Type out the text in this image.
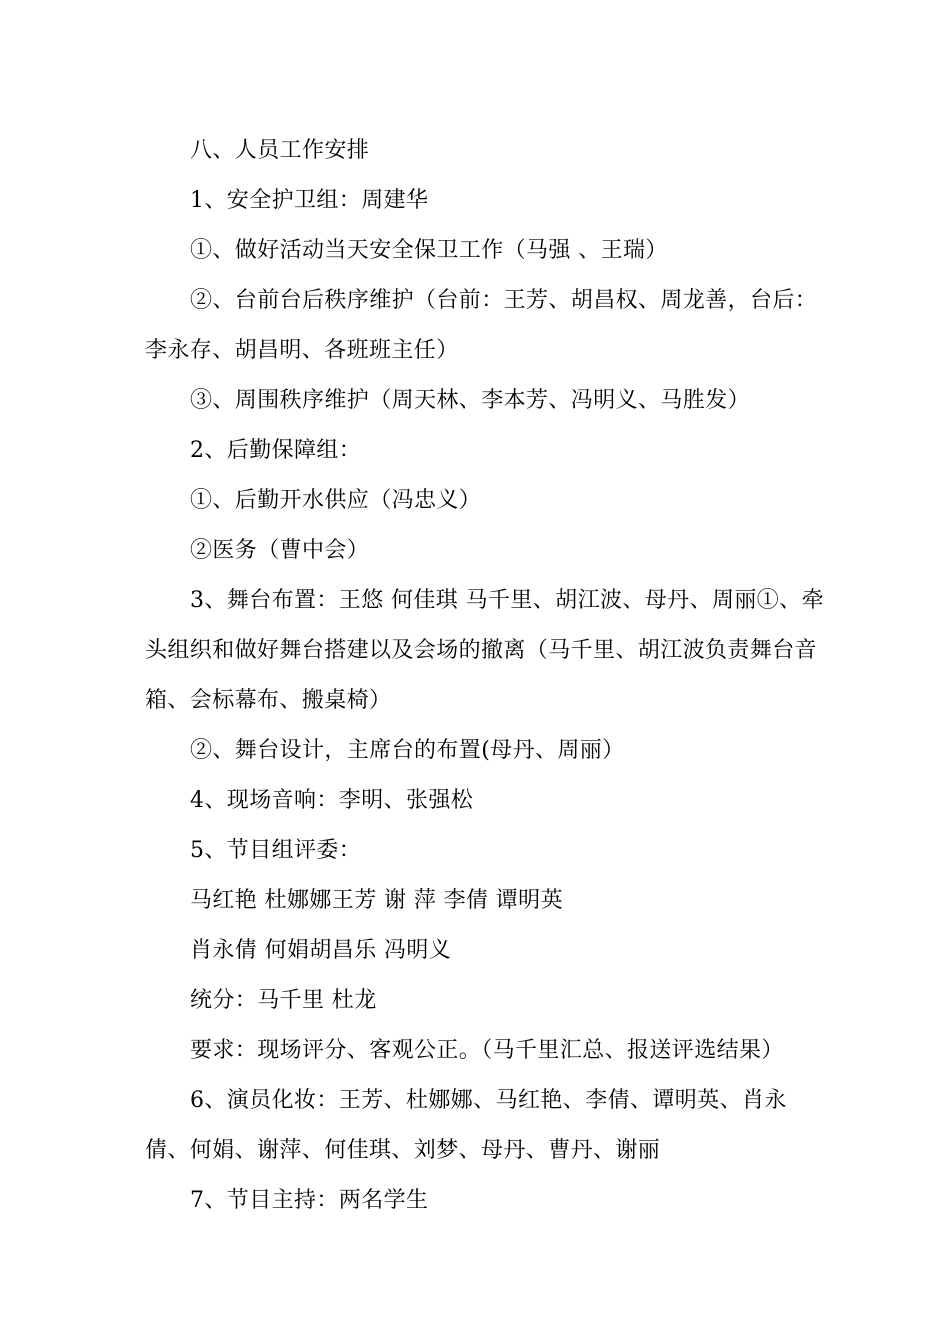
八、人员工作安排

1、安全护卫组：周建华

①、做好活动当天安全保卫工作（马强 、王瑞）

②、台前台后秩序维护（台前：王芳、胡昌权、周龙善，台后：李永存、胡昌明、各班班主任）

③、周围秩序维护（周天林、李本芳、冯明义、马胜发）

2、后勤保障组：

①、后勤开水供应（冯忠义）

②医务（曹中会）

3、舞台布置：王悠 何佳琪 马千里、胡江波、母丹、周丽①、牵头组织和做好舞台搭建以及会场的撤离（马千里、胡江波负责舞台音箱、会标幕布、搬桌椅）

②、舞台设计，主席台的布置(母丹、周丽）

4、现场音响：李明、张强松

5、节目组评委：

马红艳 杜娜娜王芳 谢 萍 李倩 谭明英

肖永倩 何娟胡昌乐 冯明义

统分：马千里 杜龙

要求：现场评分、客观公正。（马千里汇总、报送评选结果）

6、演员化妆：王芳、杜娜娜、马红艳、李倩、谭明英、肖永倩、何娟、谢萍、何佳琪、刘梦、母丹、曹丹、谢丽

7、节目主持：两名学生
